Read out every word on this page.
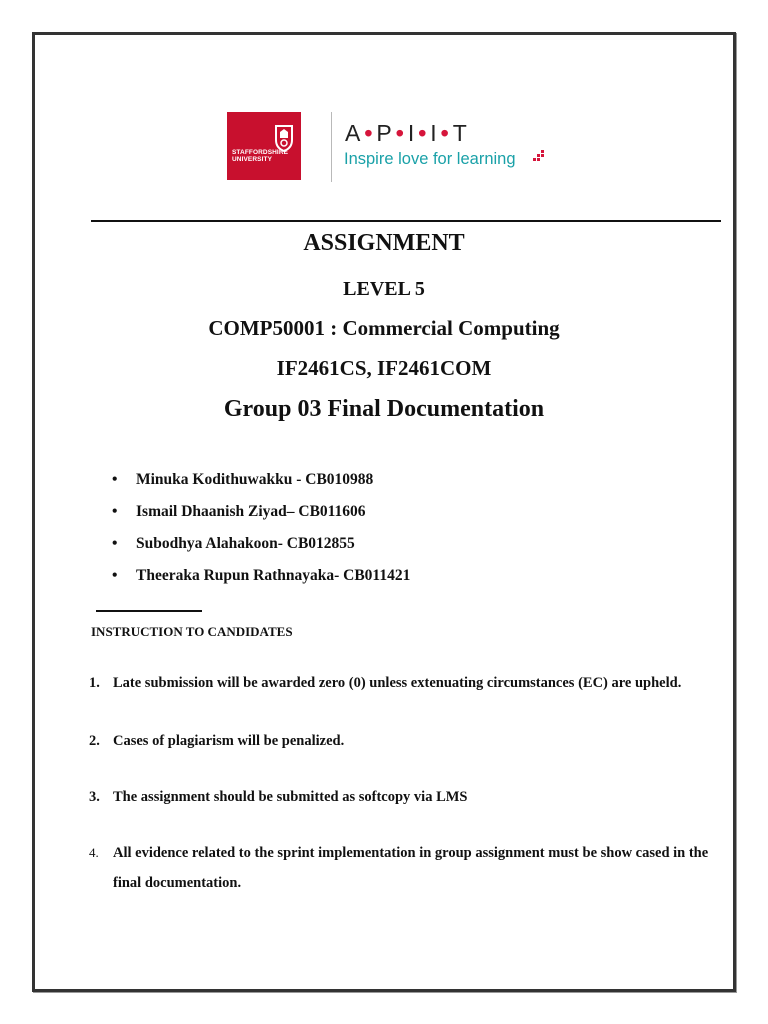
STAFFORDSHIRE
UNIVERSITY
A • P • I • I • T
Inspire love for learning
ASSIGNMENT
LEVEL 5
COMP50001 : Commercial Computing
IF2461CS, IF2461COM
Group 03 Final Documentation
•	Minuka Kodithuwakku - CB010988
•	Ismail Dhaanish Ziyad– CB011606
•	Subodhya Alahakoon- CB012855
•	Theeraka Rupun Rathnayaka- CB011421
INSTRUCTION TO CANDIDATES
1. Late submission will be awarded zero (0) unless extenuating circumstances (EC) are upheld.
2. Cases of plagiarism will be penalized.
3. The assignment should be submitted as softcopy via LMS
4. All evidence related to the sprint implementation in group assignment must be show cased in the final documentation.
